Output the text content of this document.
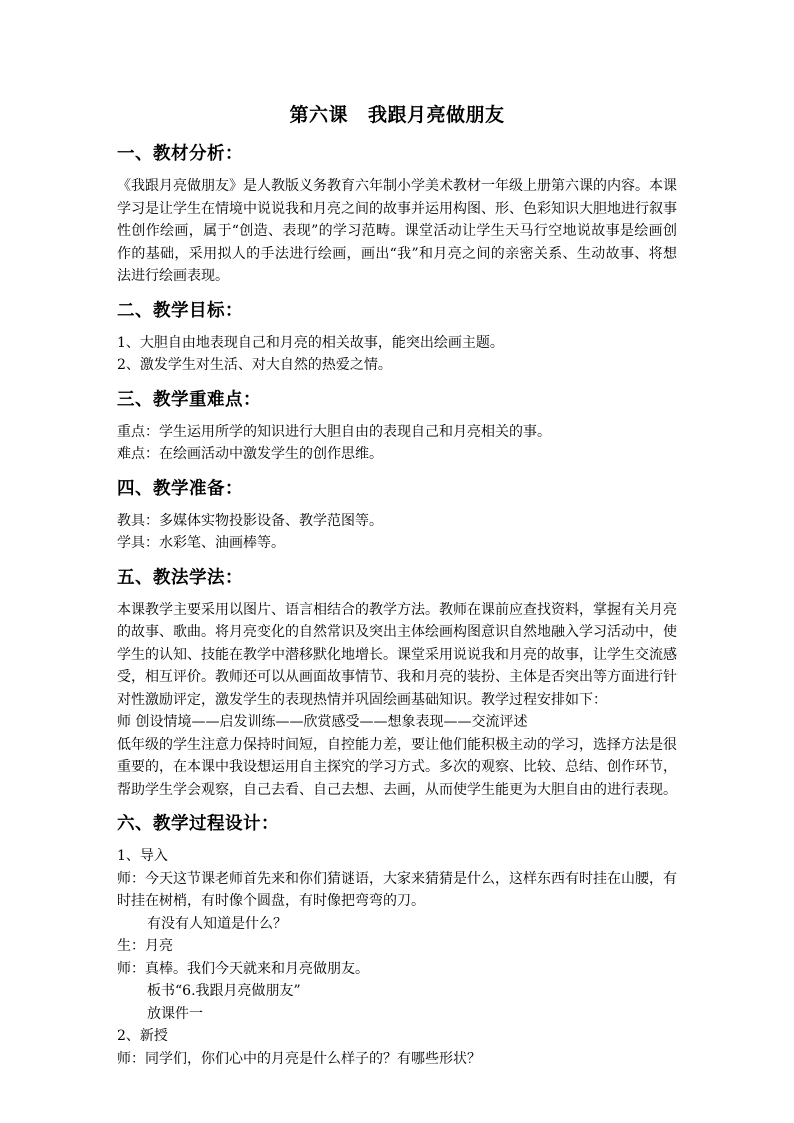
第六课 我跟月亮做朋友
一、教材分析：

《我跟月亮做朋友》是人教版义务教育六年制小学美术教材一年级上册第六课的内容。本课学习是让学生在情境中说说我和月亮之间的故事并运用构图、形、色彩知识大胆地进行叙事性创作绘画，属于“创造、表现”的学习范畴。课堂活动让学生天马行空地说故事是绘画创作的基础，采用拟人的手法进行绘画，画出“我”和月亮之间的亲密关系、生动故事、将想法进行绘画表现。

二、教学目标：

1、大胆自由地表现自己和月亮的相关故事，能突出绘画主题。

2、激发学生对生活、对大自然的热爱之情。

三、教学重难点：

重点：学生运用所学的知识进行大胆自由的表现自己和月亮相关的事。

难点：在绘画活动中激发学生的创作思维。

四、教学准备：

教具：多媒体实物投影设备、教学范图等。

学具：水彩笔、油画棒等。

五、教法学法：

本课教学主要采用以图片、语言相结合的教学方法。教师在课前应查找资料，掌握有关月亮的故事、歌曲。将月亮变化的自然常识及突出主体绘画构图意识自然地融入学习活动中，使学生的认知、技能在教学中潜移默化地增长。课堂采用说说我和月亮的故事，让学生交流感受，相互评价。教师还可以从画面故事情节、我和月亮的装扮、主体是否突出等方面进行针对性激励评定，激发学生的表现热情并巩固绘画基础知识。教学过程安排如下：

师 创设情境——启发训练——欣赏感受——想象表现——交流评述

低年级的学生注意力保持时间短，自控能力差，要让他们能积极主动的学习，选择方法是很重要的，在本课中我设想运用自主探究的学习方式。多次的观察、比较、总结、创作环节，帮助学生学会观察，自己去看、自己去想、去画，从而使学生能更为大胆自由的进行表现。

六、教学过程设计：

1、导入

师：今天这节课老师首先来和你们猜谜语，大家来猜猜是什么，这样东西有时挂在山腰，有时挂在树梢，有时像个圆盘，有时像把弯弯的刀。

有没有人知道是什么？

生：月亮

师：真棒。我们今天就来和月亮做朋友。

板书“6.我跟月亮做朋友”

放课件一

2、新授

师：同学们，你们心中的月亮是什么样子的？有哪些形状？
